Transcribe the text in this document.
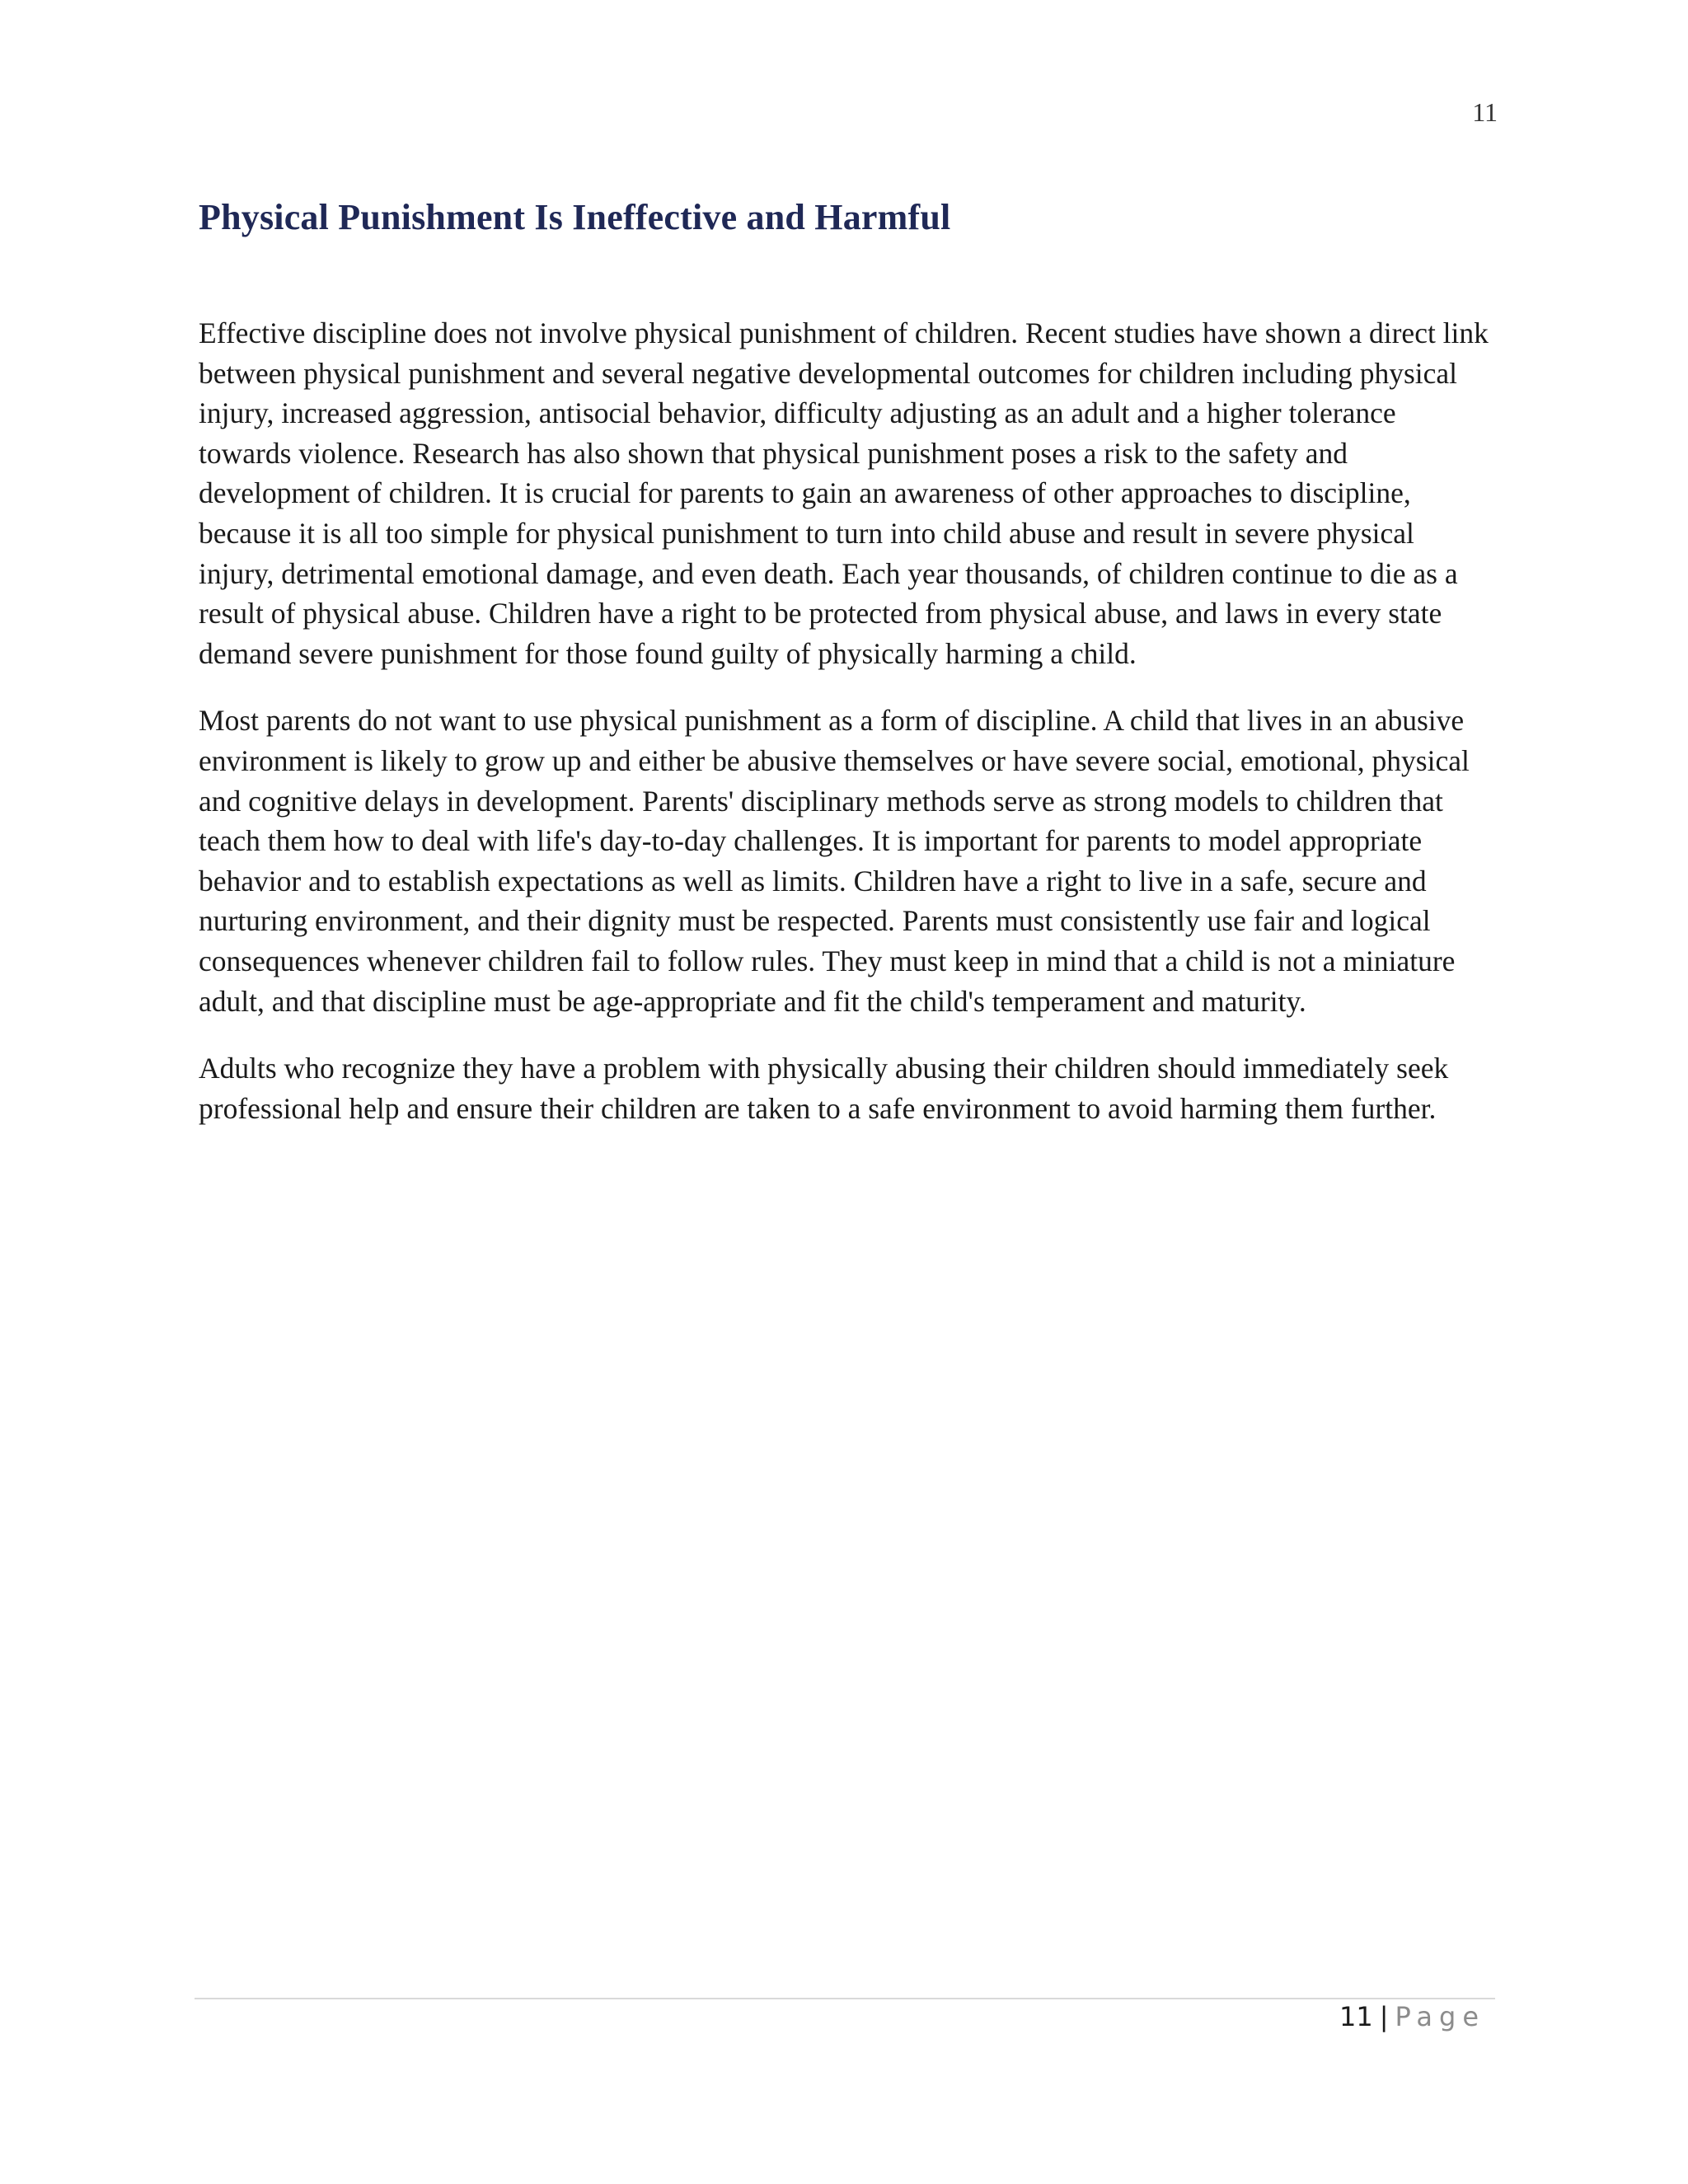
11
Physical Punishment Is Ineffective and Harmful

Effective discipline does not involve physical punishment of children. Recent studies have shown a direct link between physical punishment and several negative developmental outcomes for children including physical injury, increased aggression, antisocial behavior, difficulty adjusting as an adult and a higher tolerance towards violence. Research has also shown that physical punishment poses a risk to the safety and development of children. It is crucial for parents to gain an awareness of other approaches to discipline, because it is all too simple for physical punishment to turn into child abuse and result in severe physical injury, detrimental emotional damage, and even death. Each year thousands, of children continue to die as a result of physical abuse. Children have a right to be protected from physical abuse, and laws in every state demand severe punishment for those found guilty of physically harming a child.

Most parents do not want to use physical punishment as a form of discipline. A child that lives in an abusive environment is likely to grow up and either be abusive themselves or have severe social, emotional, physical and cognitive delays in development. Parents' disciplinary methods serve as strong models to children that teach them how to deal with life's day-to-day challenges. It is important for parents to model appropriate behavior and to establish expectations as well as limits. Children have a right to live in a safe, secure and nurturing environment, and their dignity must be respected. Parents must consistently use fair and logical consequences whenever children fail to follow rules. They must keep in mind that a child is not a miniature adult, and that discipline must be age-appropriate and fit the child's temperament and maturity.

Adults who recognize they have a problem with physically abusing their children should immediately seek professional help and ensure their children are taken to a safe environment to avoid harming them further.

11 | Page
